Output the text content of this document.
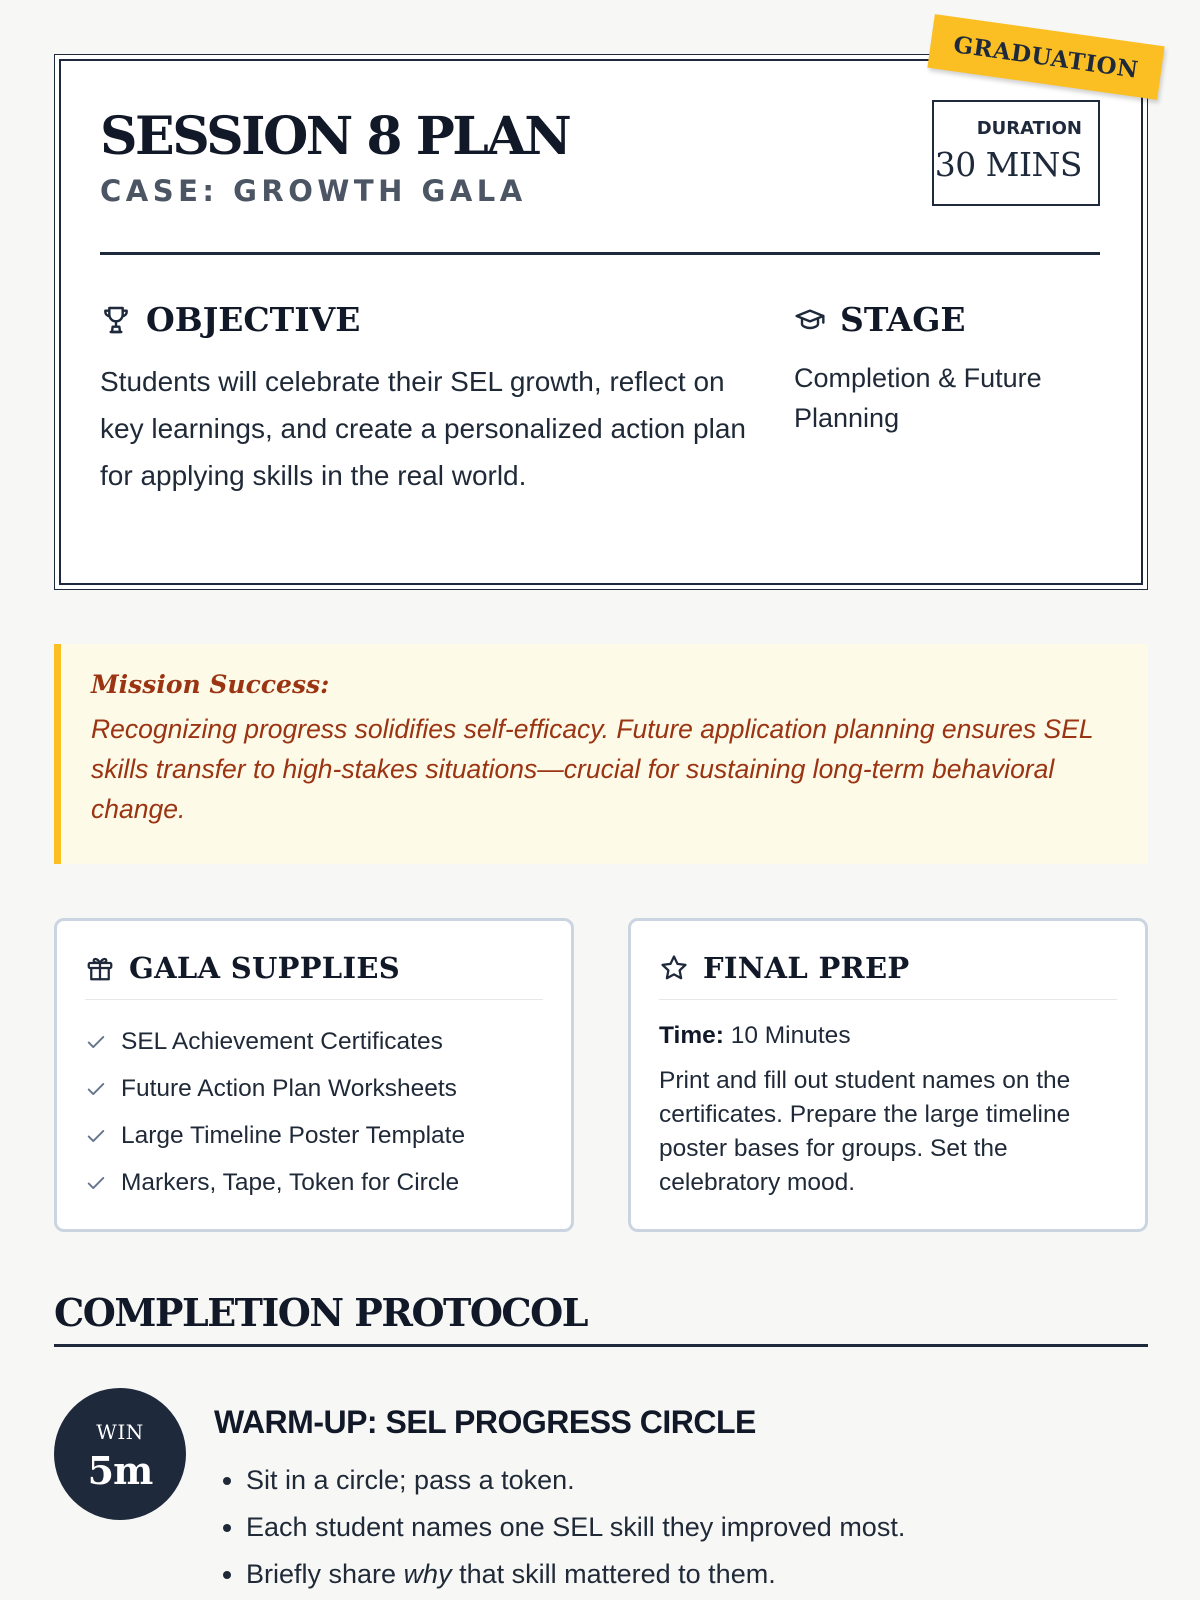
SESSION 8 PLAN
CASE: GROWTH GALA
DURATION
30 MINS
GRADUATION
OBJECTIVE
Students will celebrate their SEL growth, reflect on key learnings, and create a personalized action plan for applying skills in the real world.
STAGE
Completion & Future Planning
Mission Success:
Recognizing progress solidifies self-efficacy. Future application planning ensures SEL skills transfer to high-stakes situations—crucial for sustaining long-term behavioral change.
GALA SUPPLIES
SEL Achievement Certificates
Future Action Plan Worksheets
Large Timeline Poster Template
Markers, Tape, Token for Circle
FINAL PREP
Time: 10 Minutes
Print and fill out student names on the certificates. Prepare the large timeline poster bases for groups. Set the celebratory mood.
COMPLETION PROTOCOL
WIN
5m
WARM-UP: SEL PROGRESS CIRCLE
• Sit in a circle; pass a token.
• Each student names one SEL skill they improved most.
• Briefly share why that skill mattered to them.
